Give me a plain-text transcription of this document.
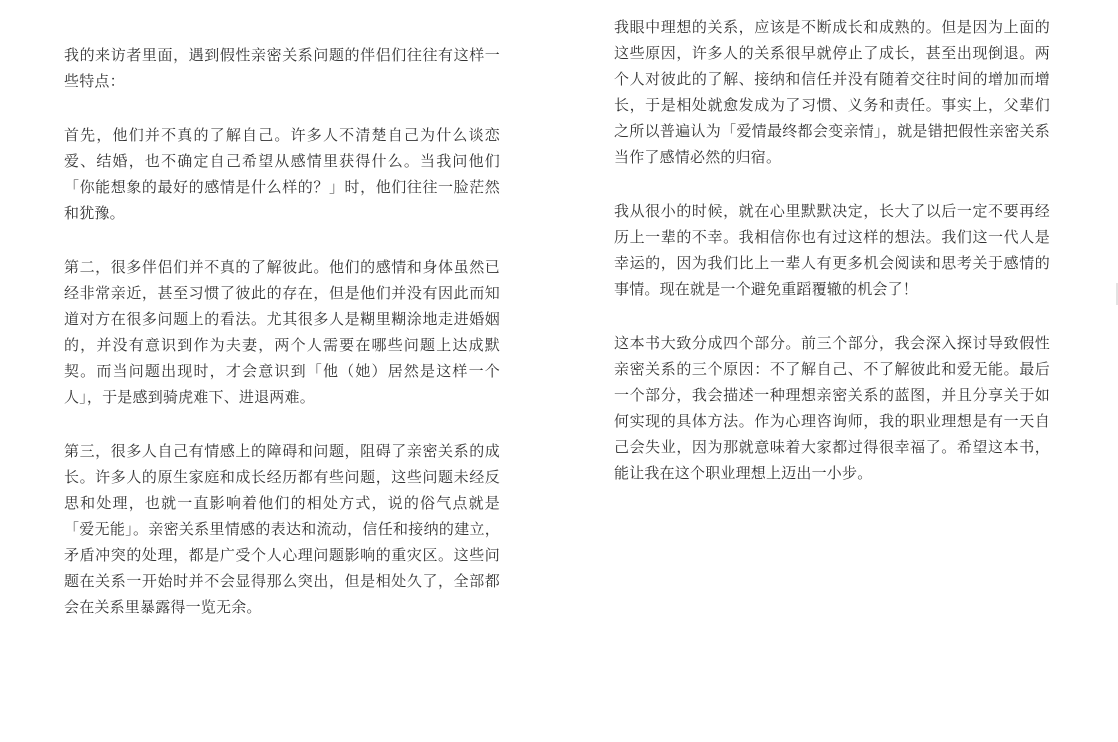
我的来访者里面，遇到假性亲密关系问题的伴侣们往往有这样一些特点：

首先，他们并不真的了解自己。许多人不清楚自己为什么谈恋爱、结婚，也不确定自己希望从感情里获得什么。当我问他们「你能想象的最好的感情是什么样的？」时，他们往往一脸茫然和犹豫。

第二，很多伴侣们并不真的了解彼此。他们的感情和身体虽然已经非常亲近，甚至习惯了彼此的存在，但是他们并没有因此而知道对方在很多问题上的看法。尤其很多人是糊里糊涂地走进婚姻的，并没有意识到作为夫妻，两个人需要在哪些问题上达成默契。而当问题出现时，才会意识到「他（她）居然是这样一个人」，于是感到骑虎难下、进退两难。

第三，很多人自己有情感上的障碍和问题，阻碍了亲密关系的成长。许多人的原生家庭和成长经历都有些问题，这些问题未经反思和处理，也就一直影响着他们的相处方式，说的俗气点就是「爱无能」。亲密关系里情感的表达和流动，信任和接纳的建立，矛盾冲突的处理，都是广受个人心理问题影响的重灾区。这些问题在关系一开始时并不会显得那么突出，但是相处久了，全部都会在关系里暴露得一览无余。

我眼中理想的关系，应该是不断成长和成熟的。但是因为上面的这些原因，许多人的关系很早就停止了成长，甚至出现倒退。两个人对彼此的了解、接纳和信任并没有随着交往时间的增加而增长，于是相处就愈发成为了习惯、义务和责任。事实上，父辈们之所以普遍认为「爱情最终都会变亲情」，就是错把假性亲密关系当作了感情必然的归宿。

我从很小的时候，就在心里默默决定，长大了以后一定不要再经历上一辈的不幸。我相信你也有过这样的想法。我们这一代人是幸运的，因为我们比上一辈人有更多机会阅读和思考关于感情的事情。现在就是一个避免重蹈覆辙的机会了！

这本书大致分成四个部分。前三个部分，我会深入探讨导致假性亲密关系的三个原因：不了解自己、不了解彼此和爱无能。最后一个部分，我会描述一种理想亲密关系的蓝图，并且分享关于如何实现的具体方法。作为心理咨询师，我的职业理想是有一天自己会失业，因为那就意味着大家都过得很幸福了。希望这本书，能让我在这个职业理想上迈出一小步。
